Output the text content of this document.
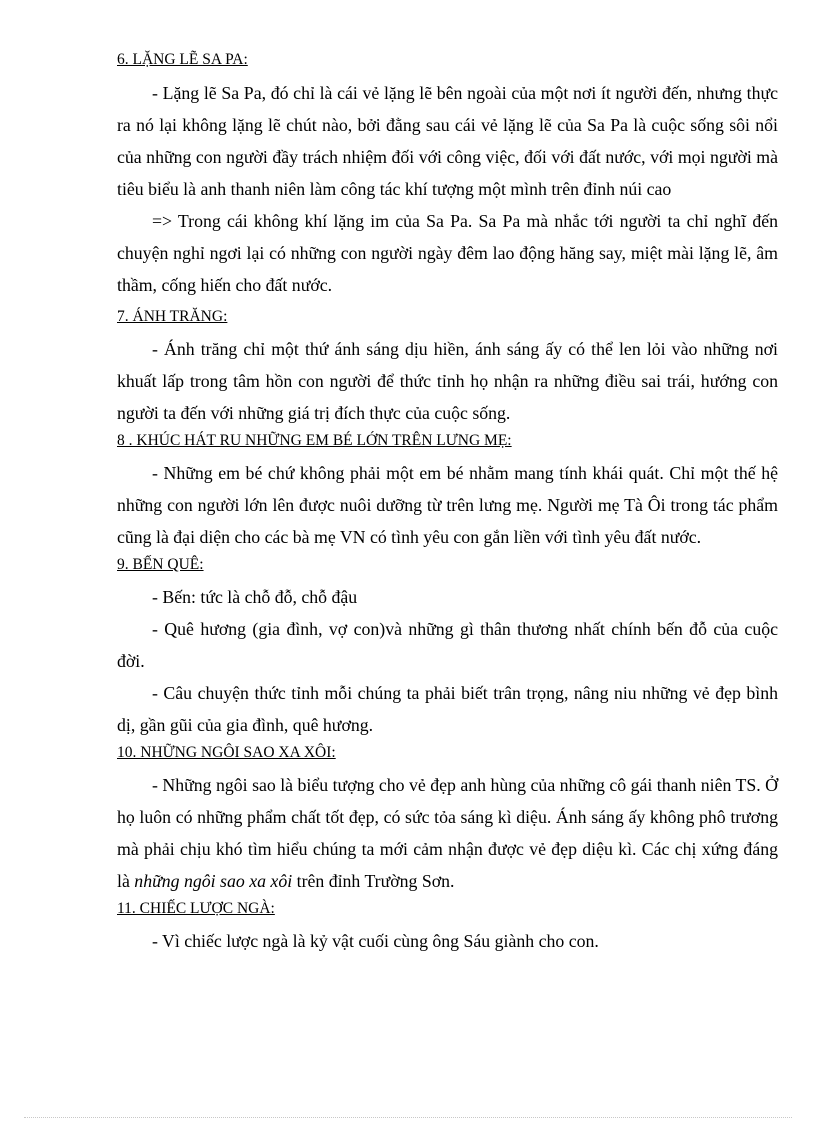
6. LẶNG LẼ SA PA:

- Lặng lẽ Sa Pa, đó chỉ là cái vẻ lặng lẽ bên ngoài của một nơi ít người đến, nhưng thực ra nó lại không lặng lẽ chút nào, bởi đằng sau cái vẻ lặng lẽ của Sa Pa là cuộc sống sôi nổi của những con người đầy trách nhiệm đối với công việc, đối với đất nước, với mọi người mà tiêu biểu là anh thanh niên làm công tác khí tượng một mình trên đỉnh núi cao

=> Trong cái không khí lặng im của Sa Pa. Sa Pa mà nhắc tới người ta chỉ nghĩ đến chuyện nghỉ ngơi lại có những con người ngày đêm lao động hăng say, miệt mài lặng lẽ, âm thầm, cống hiến cho đất nước.

7. ÁNH TRĂNG:

- Ánh trăng chỉ một thứ ánh sáng dịu hiền, ánh sáng ấy có thể len lỏi vào những nơi khuất lấp trong tâm hồn con người để thức tỉnh họ nhận ra những điều sai trái, hướng con người ta đến với những giá trị đích thực của cuộc sống.

8 . KHÚC HÁT RU NHỮNG EM BÉ LỚN TRÊN LƯNG MẸ:

- Những em bé chứ không phải một em bé nhằm mang tính khái quát. Chỉ một thế hệ những con người lớn lên được nuôi dưỡng từ trên lưng mẹ. Người mẹ Tà Ôi trong tác phẩm cũng là đại diện cho các bà mẹ VN có tình yêu con gắn liền với tình yêu đất nước.

9. BẾN QUÊ:

- Bến: tức là chỗ đỗ, chỗ đậu

- Quê hương (gia đình, vợ con)và những gì thân thương nhất chính bến đỗ của cuộc đời.

- Câu chuyện thức tỉnh mỗi chúng ta phải biết trân trọng, nâng niu những vẻ đẹp bình dị, gần gũi của gia đình, quê hương.

10. NHỮNG NGÔI SAO XA XÔI:

- Những ngôi sao là biểu tượng cho vẻ đẹp anh hùng của những cô gái thanh niên TS. Ở họ luôn có những phẩm chất tốt đẹp, có sức tỏa sáng kì diệu. Ánh sáng ấy không phô trương mà phải chịu khó tìm hiểu chúng ta mới cảm nhận được vẻ đẹp diệu kì. Các chị xứng đáng là những ngôi sao xa xôi trên đỉnh Trường Sơn.

11. CHIẾC LƯỢC NGÀ:

- Vì chiếc lược ngà là kỷ vật cuối cùng ông Sáu giành cho con.
